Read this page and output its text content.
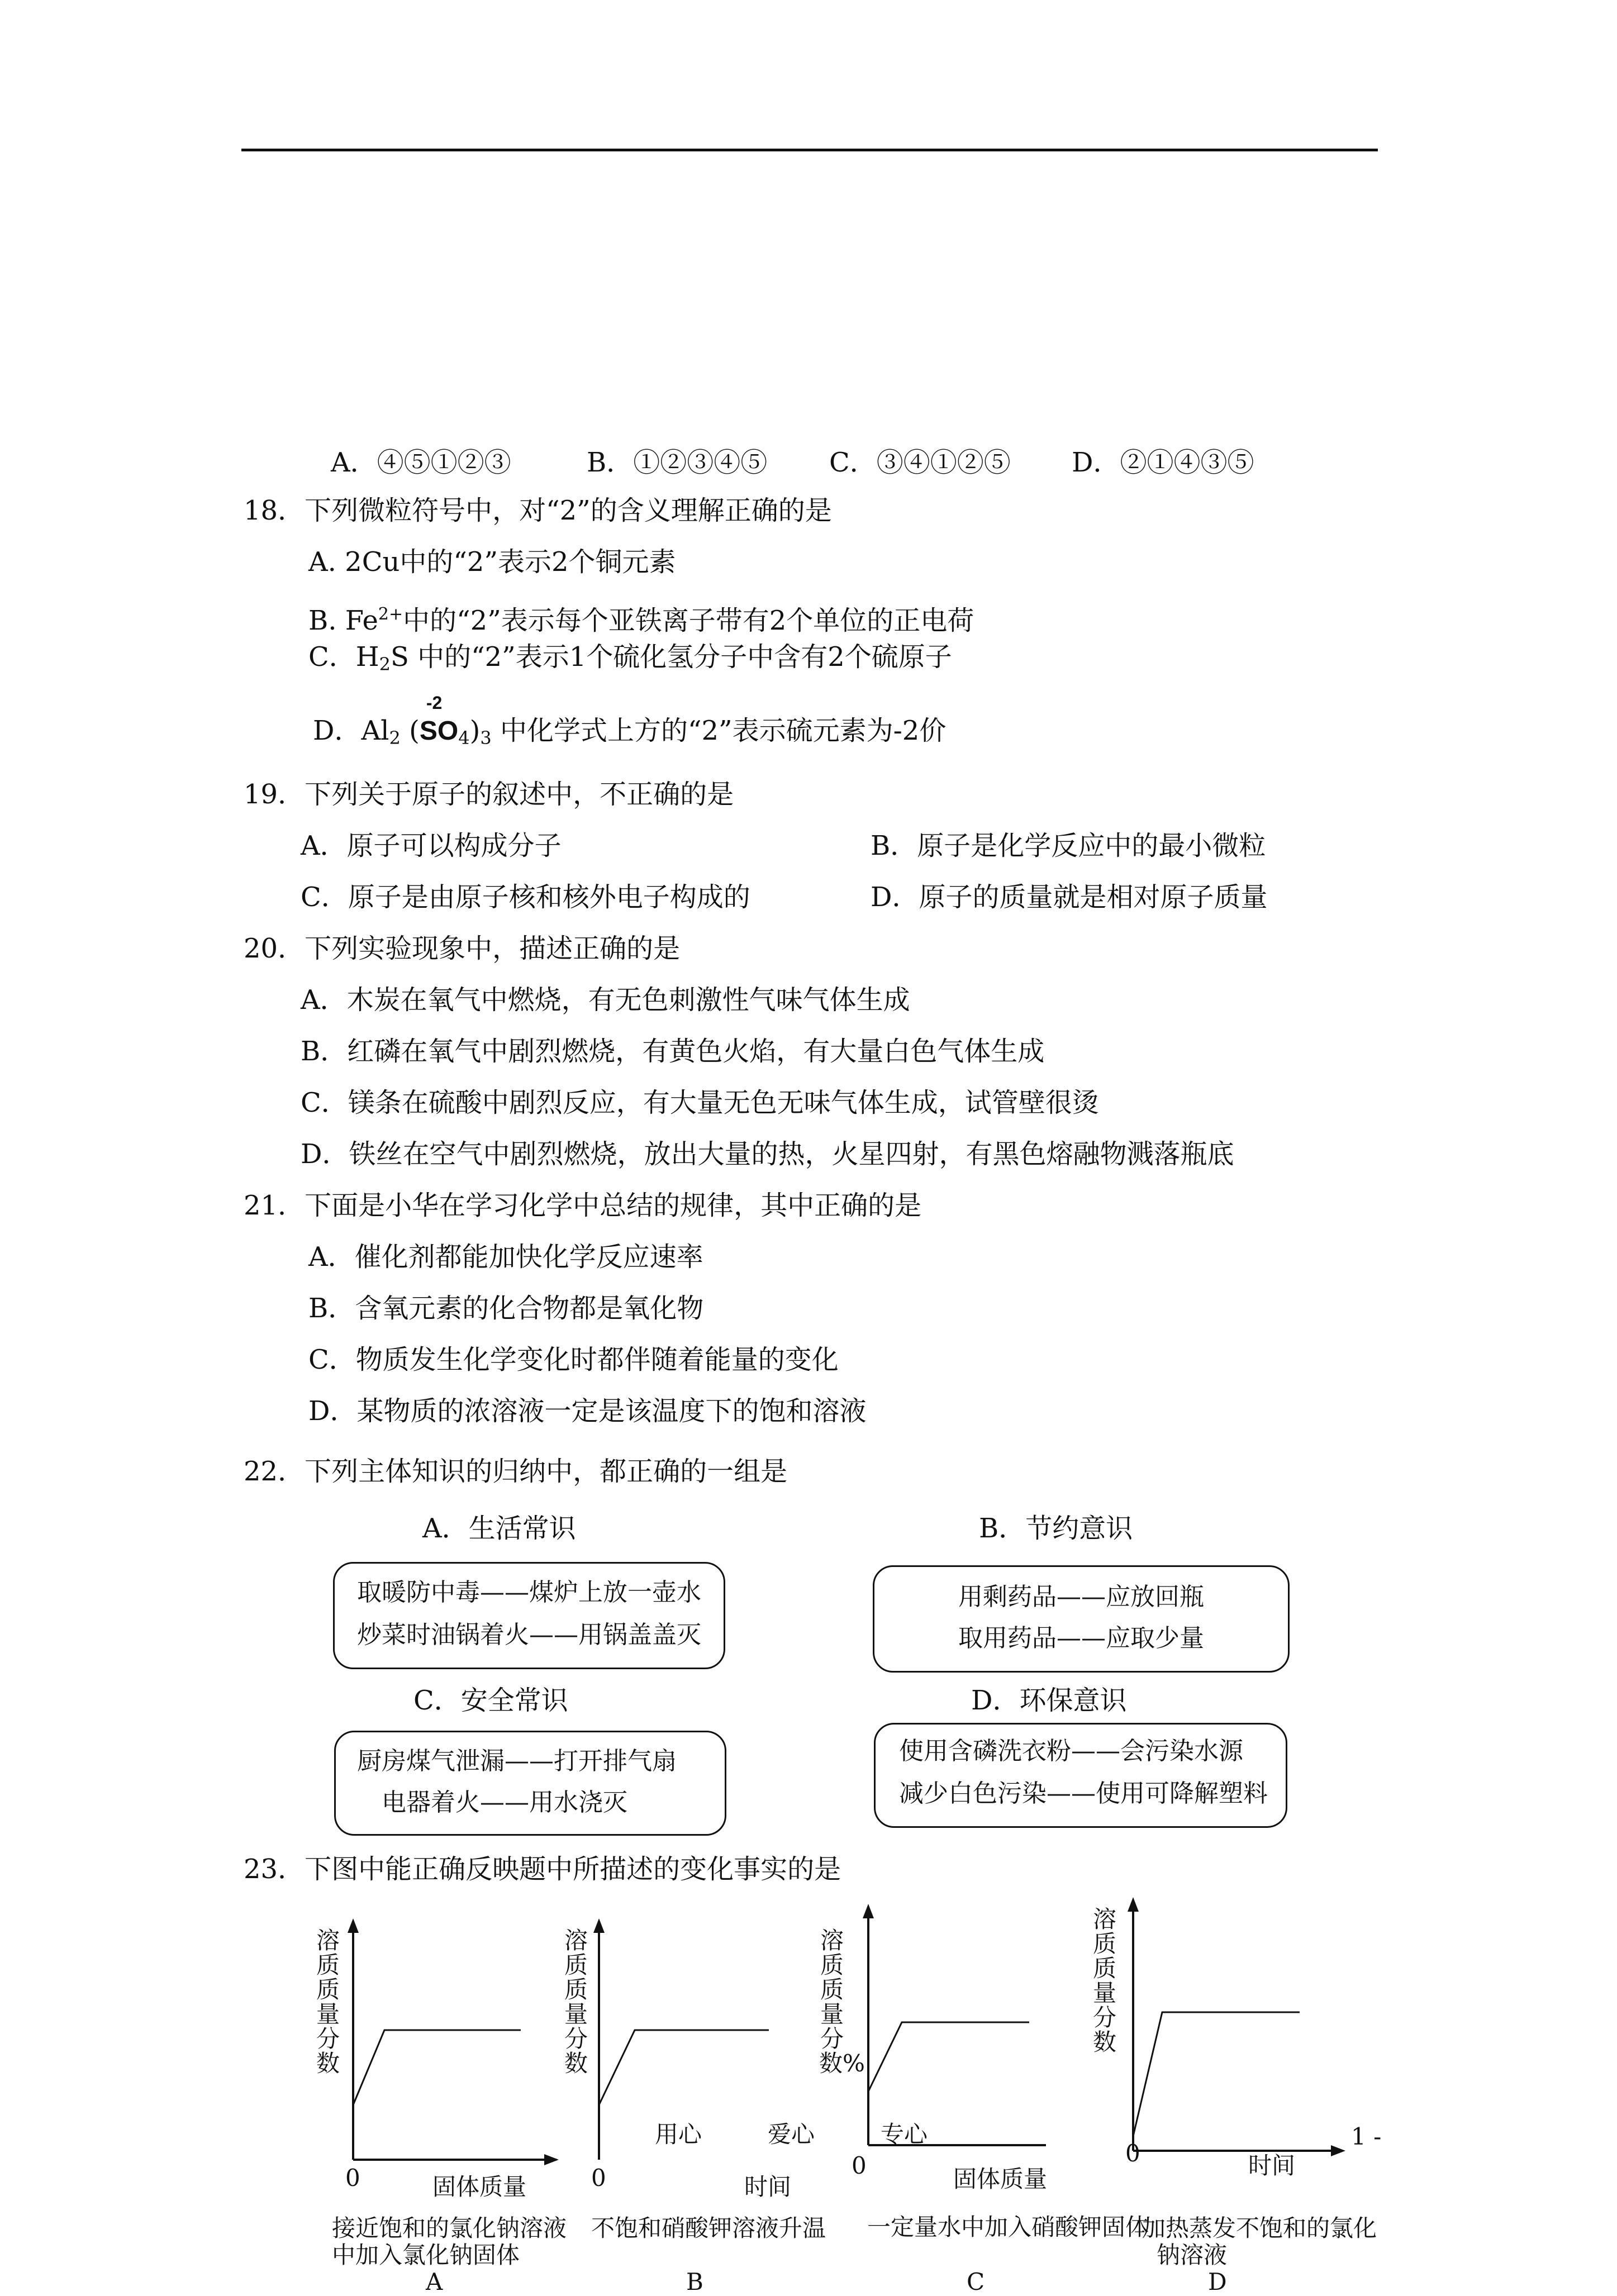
A．④⑤①②③	B．①②③④⑤ C．③④①②⑤ D．②①④③⑤
18．下列微粒符号中，对“2”的含义理解正确的是
A. 2Cu中的“2”表示2个铜元素
B. $Fe^{2+}$中的“2”表示每个亚铁离子带有2个单位的正电荷
C．$H_2S$ 中的“2”表示1个硫化氢分子中含有2个硫原子
D．$Al_2$ (
-2
$SO_4)_3$ 中化学式上方的“2”表示硫元素为-2价
19．下列关于原子的叙述中，不正确的是
A．原子可以构成分子	B．原子是化学反应中的最小微粒
C．原子是由原子核和核外电子构成的	D．原子的质量就是相对原子质量
20．下列实验现象中，描述正确的是
A．木炭在氧气中燃烧，有无色刺激性气味气体生成
B．红磷在氧气中剧烈燃烧，有黄色火焰，有大量白色气体生成
C．镁条在硫酸中剧烈反应，有大量无色无味气体生成，试管壁很烫
D．铁丝在空气中剧烈燃烧，放出大量的热，火星四射，有黑色熔融物溅落瓶底
21．下面是小华在学习化学中总结的规律，其中正确的是
A．催化剂都能加快化学反应速率
B．含氧元素的化合物都是氧化物
C．物质发生化学变化时都伴随着能量的变化
D．某物质的浓溶液一定是该温度下的饱和溶液
22．下列主体知识的归纳中，都正确的一组是
A．生活常识
取暖防中毒——煤炉上放一壶水
炒菜时油锅着火——用锅盖盖灭
B．节约意识
用剩药品——应放回瓶
取用药品——应取少量
C．安全常识
厨房煤气泄漏——打开排气扇
电器着火——用水浇灭
D．环保意识
使用含磷洗衣粉——会污染水源
减少白色污染——使用可降解塑料
23．下图中能正确反映题中所描述的变化事实的是
溶质质量分数
0	固体质量
接近饱和的氯化钠溶液
中加入氯化钠固体
A
溶质质量分数
0	时间
不饱和硝酸钾溶液升温
B
溶质质量分数%
0	固体质量
一定量水中加入硝酸钾固体
C
溶质质量分数
0	时间
加热蒸发不饱和的氯化
钠溶液
D
用心	爱心	专心	1 -
